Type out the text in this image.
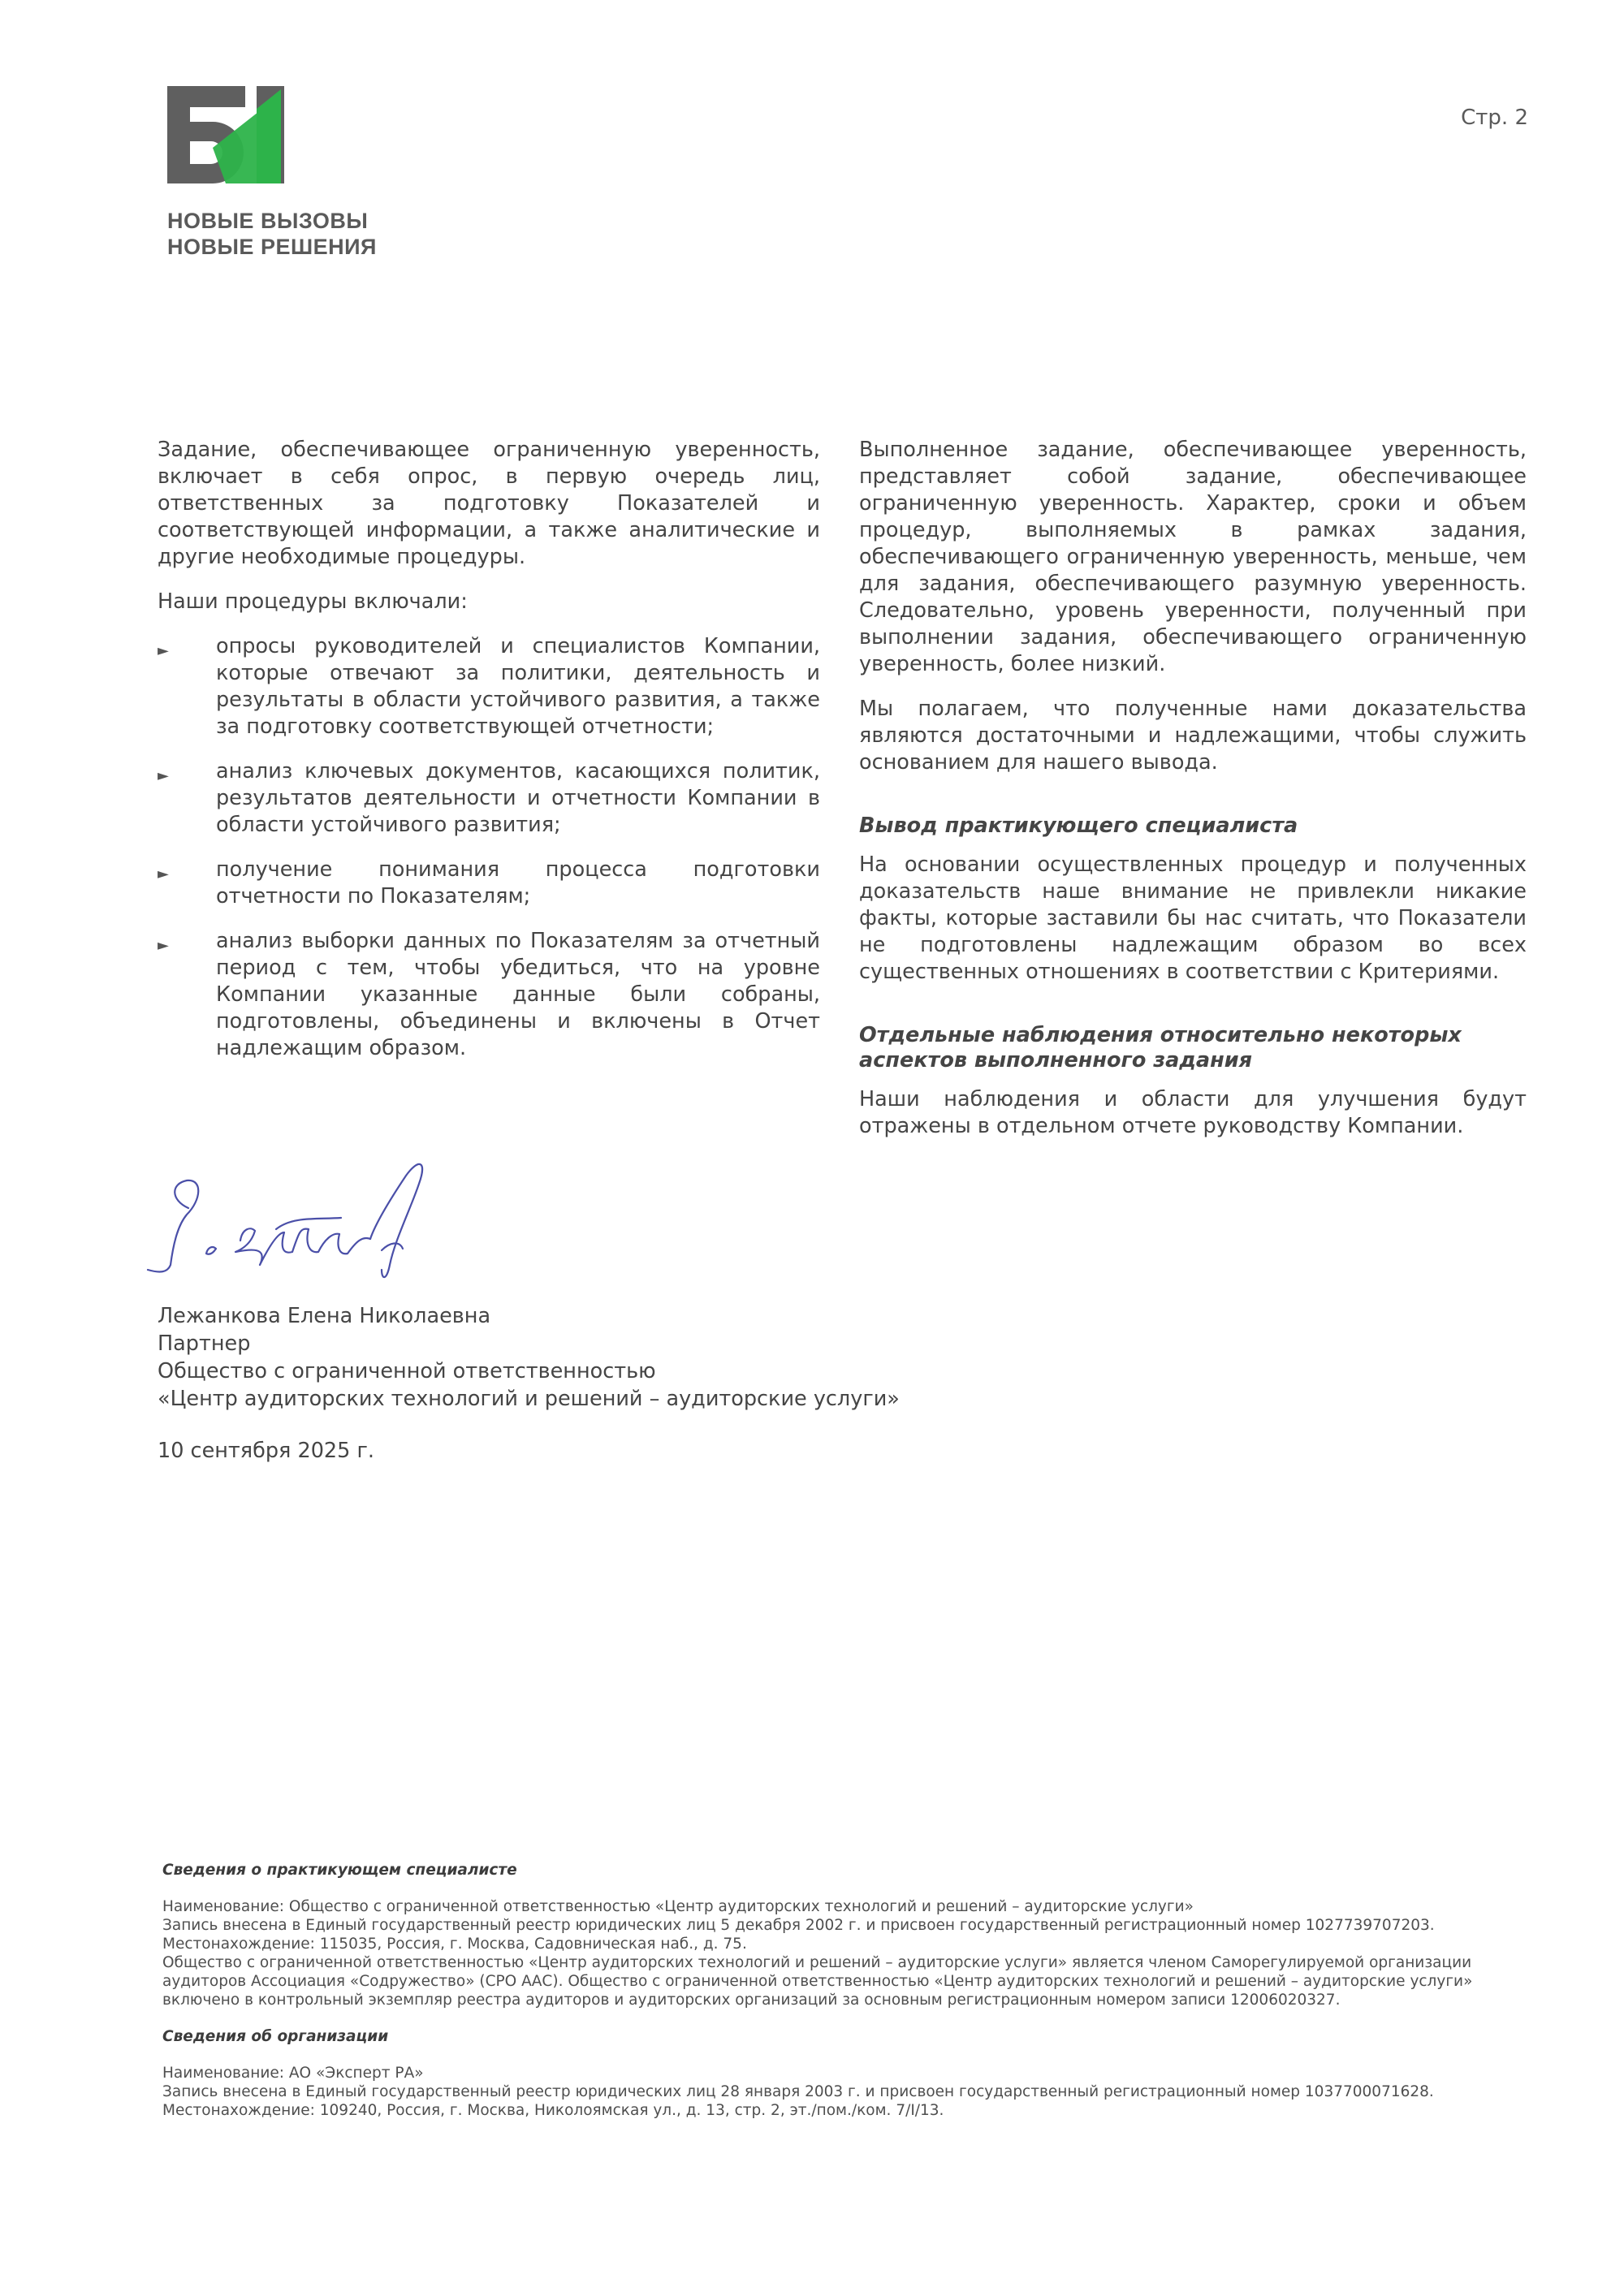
НОВЫЕ ВЫЗОВЫ
НОВЫЕ РЕШЕНИЯ
Стр. 2

Задание, обеспечивающее ограниченную уверенность, включает в себя опрос, в первую очередь лиц, ответственных за подготовку Показателей и соответствующей информации, а также аналитические и другие необходимые процедуры.

Наши процедуры включали:

► опросы руководителей и специалистов Компании, которые отвечают за политики, деятельность и результаты в области устойчивого развития, а также за подготовку соответствующей отчетности;
► анализ ключевых документов, касающихся политик, результатов деятельности и отчетности Компании в области устойчивого развития;
► получение понимания процесса подготовки отчетности по Показателям;
► анализ выборки данных по Показателям за отчетный период с тем, чтобы убедиться, что на уровне Компании указанные данные были собраны, подготовлены, объединены и включены в Отчет надлежащим образом.

Выполненное задание, обеспечивающее уверенность, представляет собой задание, обеспечивающее ограниченную уверенность. Характер, сроки и объем процедур, выполняемых в рамках задания, обеспечивающего ограниченную уверенность, меньше, чем для задания, обеспечивающего разумную уверенность. Следовательно, уровень уверенности, полученный при выполнении задания, обеспечивающего ограниченную уверенность, более низкий.

Мы полагаем, что полученные нами доказательства являются достаточными и надлежащими, чтобы служить основанием для нашего вывода.

Вывод практикующего специалиста

На основании осуществленных процедур и полученных доказательств наше внимание не привлекли никакие факты, которые заставили бы нас считать, что Показатели не подготовлены надлежащим образом во всех существенных отношениях в соответствии с Критериями.

Отдельные наблюдения относительно некоторых аспектов выполненного задания

Наши наблюдения и области для улучшения будут отражены в отдельном отчете руководству Компании.

Лежанкова Елена Николаевна
Партнер
Общество с ограниченной ответственностью
«Центр аудиторских технологий и решений – аудиторские услуги»
10 сентября 2025 г.
Сведения о практикующем специалисте
Наименование: Общество с ограниченной ответственностью «Центр аудиторских технологий и решений – аудиторские услуги»
Запись внесена в Единый государственный реестр юридических лиц 5 декабря 2002 г. и присвоен государственный регистрационный номер 1027739707203.
Местонахождение: 115035, Россия, г. Москва, Садовническая наб., д. 75.
Общество с ограниченной ответственностью «Центр аудиторских технологий и решений – аудиторские услуги» является членом Саморегулируемой организации аудиторов Ассоциация «Содружество» (СРО ААС). Общество с ограниченной ответственностью «Центр аудиторских технологий и решений – аудиторские услуги» включено в контрольный экземпляр реестра аудиторов и аудиторских организаций за основным регистрационным номером записи 12006020327.
Сведения об организации
Наименование: АО «Эксперт РА»
Запись внесена в Единый государственный реестр юридических лиц 28 января 2003 г. и присвоен государственный регистрационный номер 1037700071628.
Местонахождение: 109240, Россия, г. Москва, Николоямская ул., д. 13, стр. 2, эт./пом./ком. 7/I/13.
